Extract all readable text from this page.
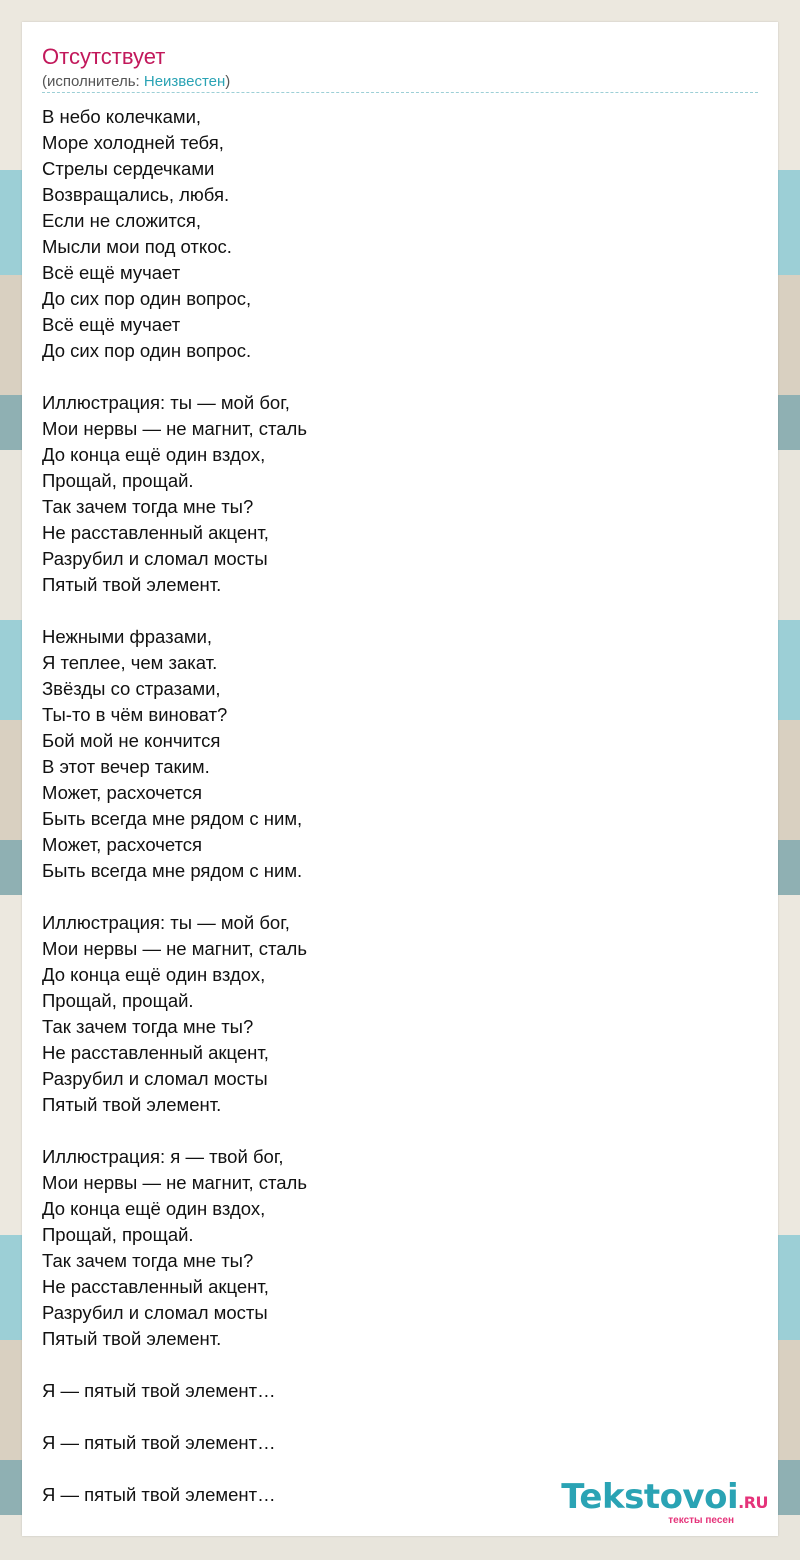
Отсутствует
(исполнитель: Неизвестен)
В небо колечками,
Море холодней тебя,
Стрелы сердечками
Возвращались, любя.
Если не сложится,
Мысли мои под откос.
Всё ещё мучает
До сих пор один вопрос,
Всё ещё мучает
До сих пор один вопрос.
Иллюстрация: ты — мой бог,
Мои нервы — не магнит, сталь
До конца ещё один вздох,
Прощай, прощай.
Так зачем тогда мне ты?
Не расставленный акцент,
Разрубил и сломал мосты
Пятый твой элемент.
Нежными фразами,
Я теплее, чем закат.
Звёзды со стразами,
Ты-то в чём виноват?
Бой мой не кончится
В этот вечер таким.
Может, расхочется
Быть всегда мне рядом с ним,
Может, расхочется
Быть всегда мне рядом с ним.
Иллюстрация: ты — мой бог,
Мои нервы — не магнит, сталь
До конца ещё один вздох,
Прощай, прощай.
Так зачем тогда мне ты?
Не расставленный акцент,
Разрубил и сломал мосты
Пятый твой элемент.
Иллюстрация: я — твой бог,
Мои нервы — не магнит, сталь
До конца ещё один вздох,
Прощай, прощай.
Так зачем тогда мне ты?
Не расставленный акцент,
Разрубил и сломал мосты
Пятый твой элемент.
Я — пятый твой элемент…
Я — пятый твой элемент…
Я — пятый твой элемент…	Tekstovoi.RU
тексты песен
